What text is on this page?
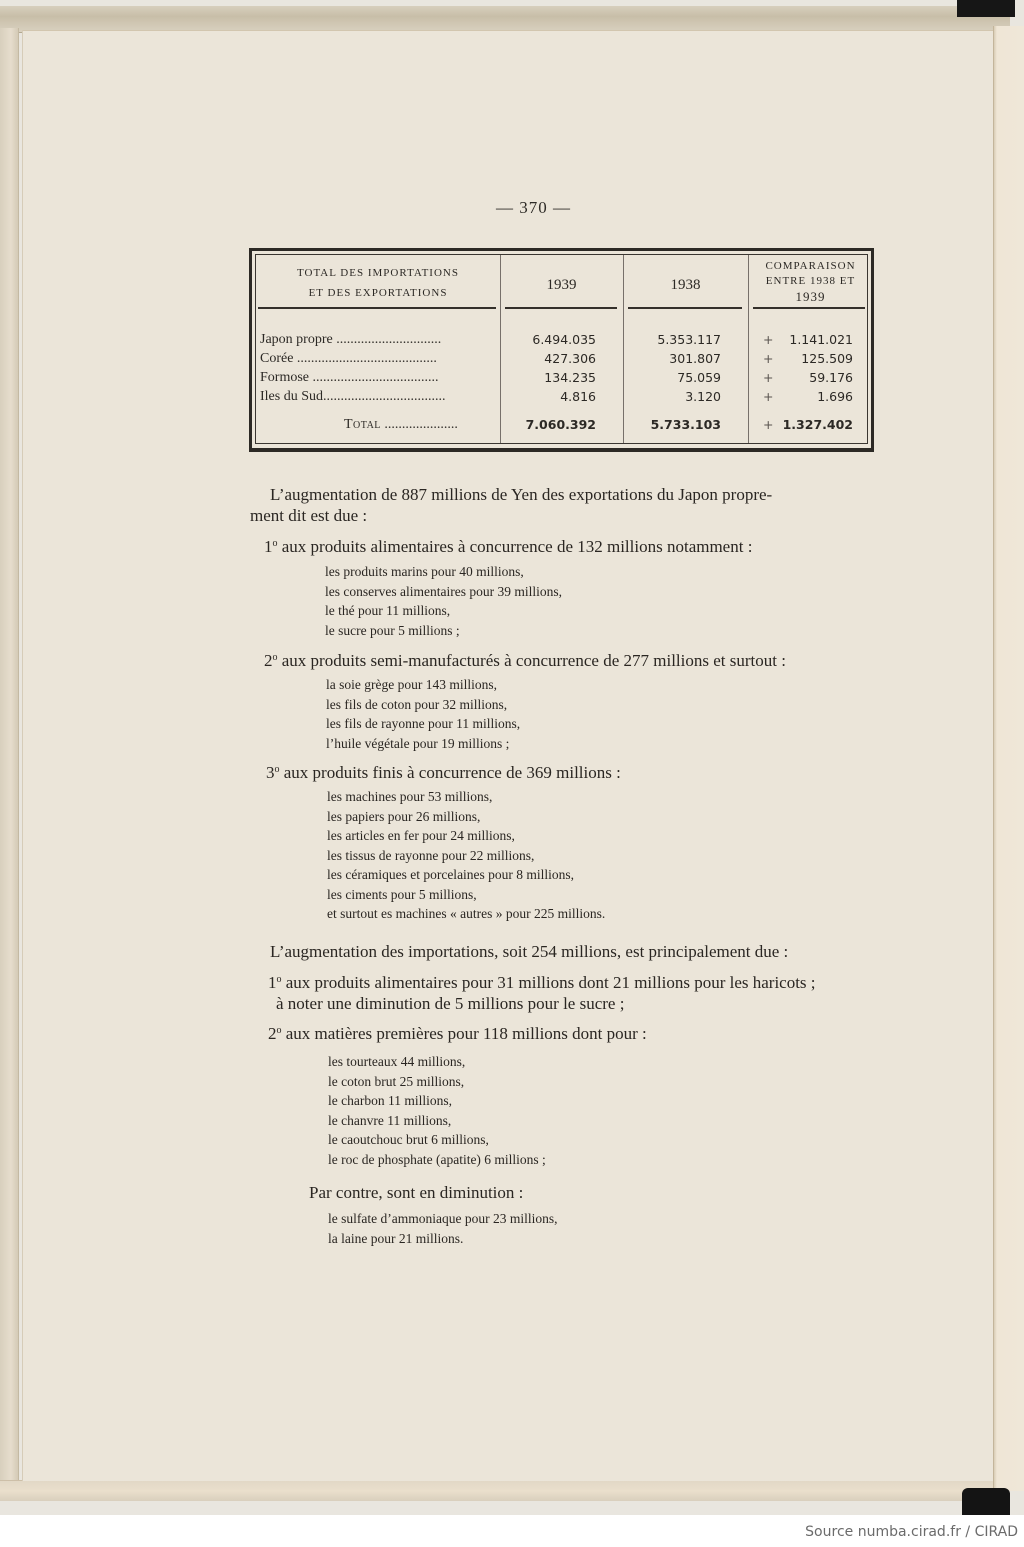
— 370 —
TOTAL DES IMPORTATIONS
ET DES EXPORTATIONS	1939	1938
COMPARAISON
ENTRE 1938 ET
1939
Japon propre ..............................	6.494.035	5.353.117	+ 1.141.021
Corée ........................................	427.306	301.807	+ 125.509
Formose ....................................	134.235	75.059	+	59.176
Iles du Sud...................................	4.816	3.120	+	1.696
Total .....................	7.060.392	5.733.103	+ 1.327.402
L’augmentation de 887 millions de Yen des exportations du Japon propre-
ment dit est due :
1$^o$ aux produits alimentaires à concurrence de 132 millions notamment :
les produits marins pour 40 millions,
les conserves alimentaires pour 39 millions,
le thé pour 11 millions,
le sucre pour 5 millions ;
2$^o$ aux produits semi-manufacturés à concurrence de 277 millions et surtout :
la soie grège pour 143 millions,
les fils de coton pour 32 millions,
les fils de rayonne pour 11 millions,
l’huile végétale pour 19 millions ;
3$^o$ aux produits finis à concurrence de 369 millions :
les machines pour 53 millions,
les papiers pour 26 millions,
les articles en fer pour 24 millions,
les tissus de rayonne pour 22 millions,
les céramiques et porcelaines pour 8 millions,
les ciments pour 5 millions,
et surtout es machines « autres » pour 225 millions.
L’augmentation des importations, soit 254 millions, est principalement due :
1$^o$ aux produits alimentaires pour 31 millions dont 21 millions pour les haricots ;
à noter une diminution de 5 millions pour le sucre ;
2$^o$ aux matières premières pour 118 millions dont pour :
les tourteaux 44 millions,
le coton brut 25 millions,
le charbon 11 millions,
le chanvre 11 millions,
le caoutchouc brut 6 millions,
le roc de phosphate (apatite) 6 millions ;
Par contre, sont en diminution :
le sulfate d’ammoniaque pour 23 millions,
la laine pour 21 millions.
Source numba.cirad.fr / CIRAD
